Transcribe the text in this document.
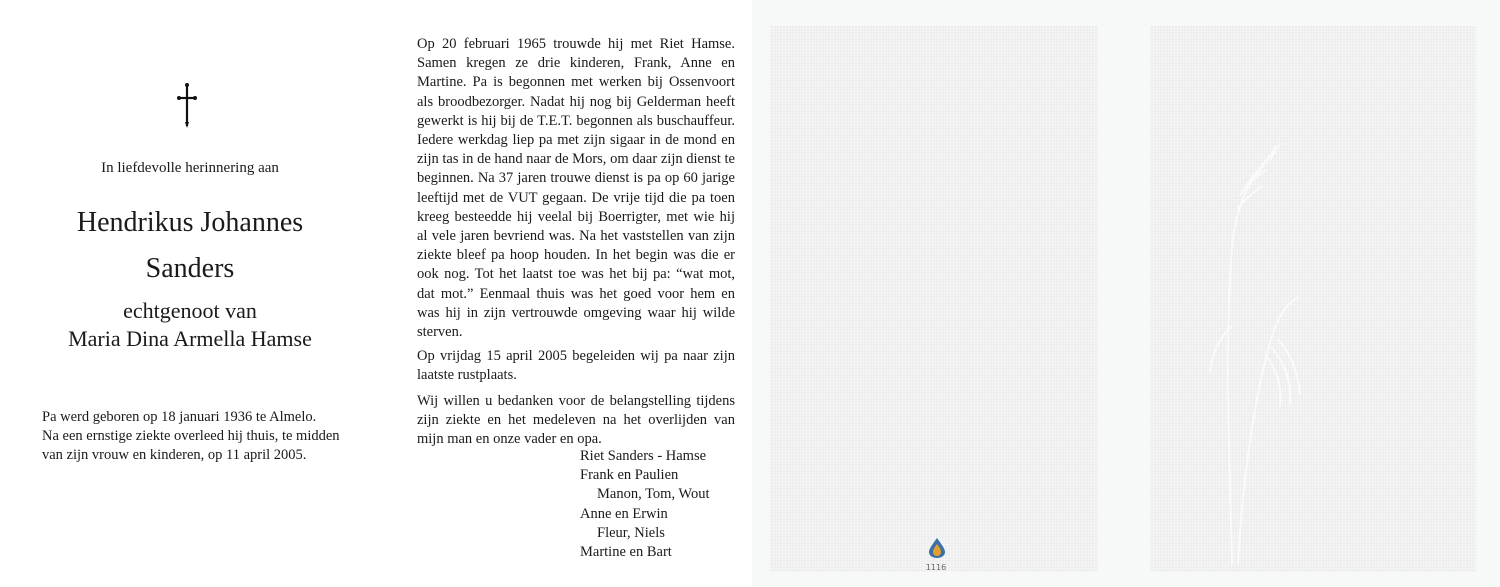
In liefdevolle herinnering aan
Hendrikus Johannes
Sanders
echtgenoot van
Maria Dina Armella Hamse
Pa werd geboren op 18 januari 1936 te Almelo.
Na een ernstige ziekte overleed hij thuis, te midden
van zijn vrouw en kinderen, op 11 april 2005.

Op 20 februari 1965 trouwde hij met Riet Hamse. Samen kregen ze drie kinderen, Frank, Anne en Martine. Pa is begonnen met werken bij Ossenvoort als broodbezorger. Nadat hij nog bij Gelderman heeft gewerkt is hij bij de T.E.T. begonnen als buschauffeur. Iedere werkdag liep pa met zijn sigaar in de mond en zijn tas in de hand naar de Mors, om daar zijn dienst te beginnen. Na 37 jaren trouwe dienst is pa op 60 jarige leeftijd met de VUT gegaan. De vrije tijd die pa toen kreeg besteedde hij veelal bij Boerrigter, met wie hij al vele jaren bevriend was. Na het vaststellen van zijn ziekte bleef pa hoop houden. In het begin was die er ook nog. Tot het laatst toe was het bij pa: “wat mot, dat mot.” Eenmaal thuis was het goed voor hem en was hij in zijn vertrouwde omgeving waar hij wilde sterven.

Op vrijdag 15 april 2005 begeleiden wij pa naar zijn laatste rustplaats.

Wij willen u bedanken voor de belangstelling tijdens zijn ziekte en het medeleven na het overlijden van mijn man en onze vader en opa.

Riet Sanders - Hamse
Frank en Paulien
Manon, Tom, Wout
Anne en Erwin
Fleur, Niels
Martine en Bart
1116
